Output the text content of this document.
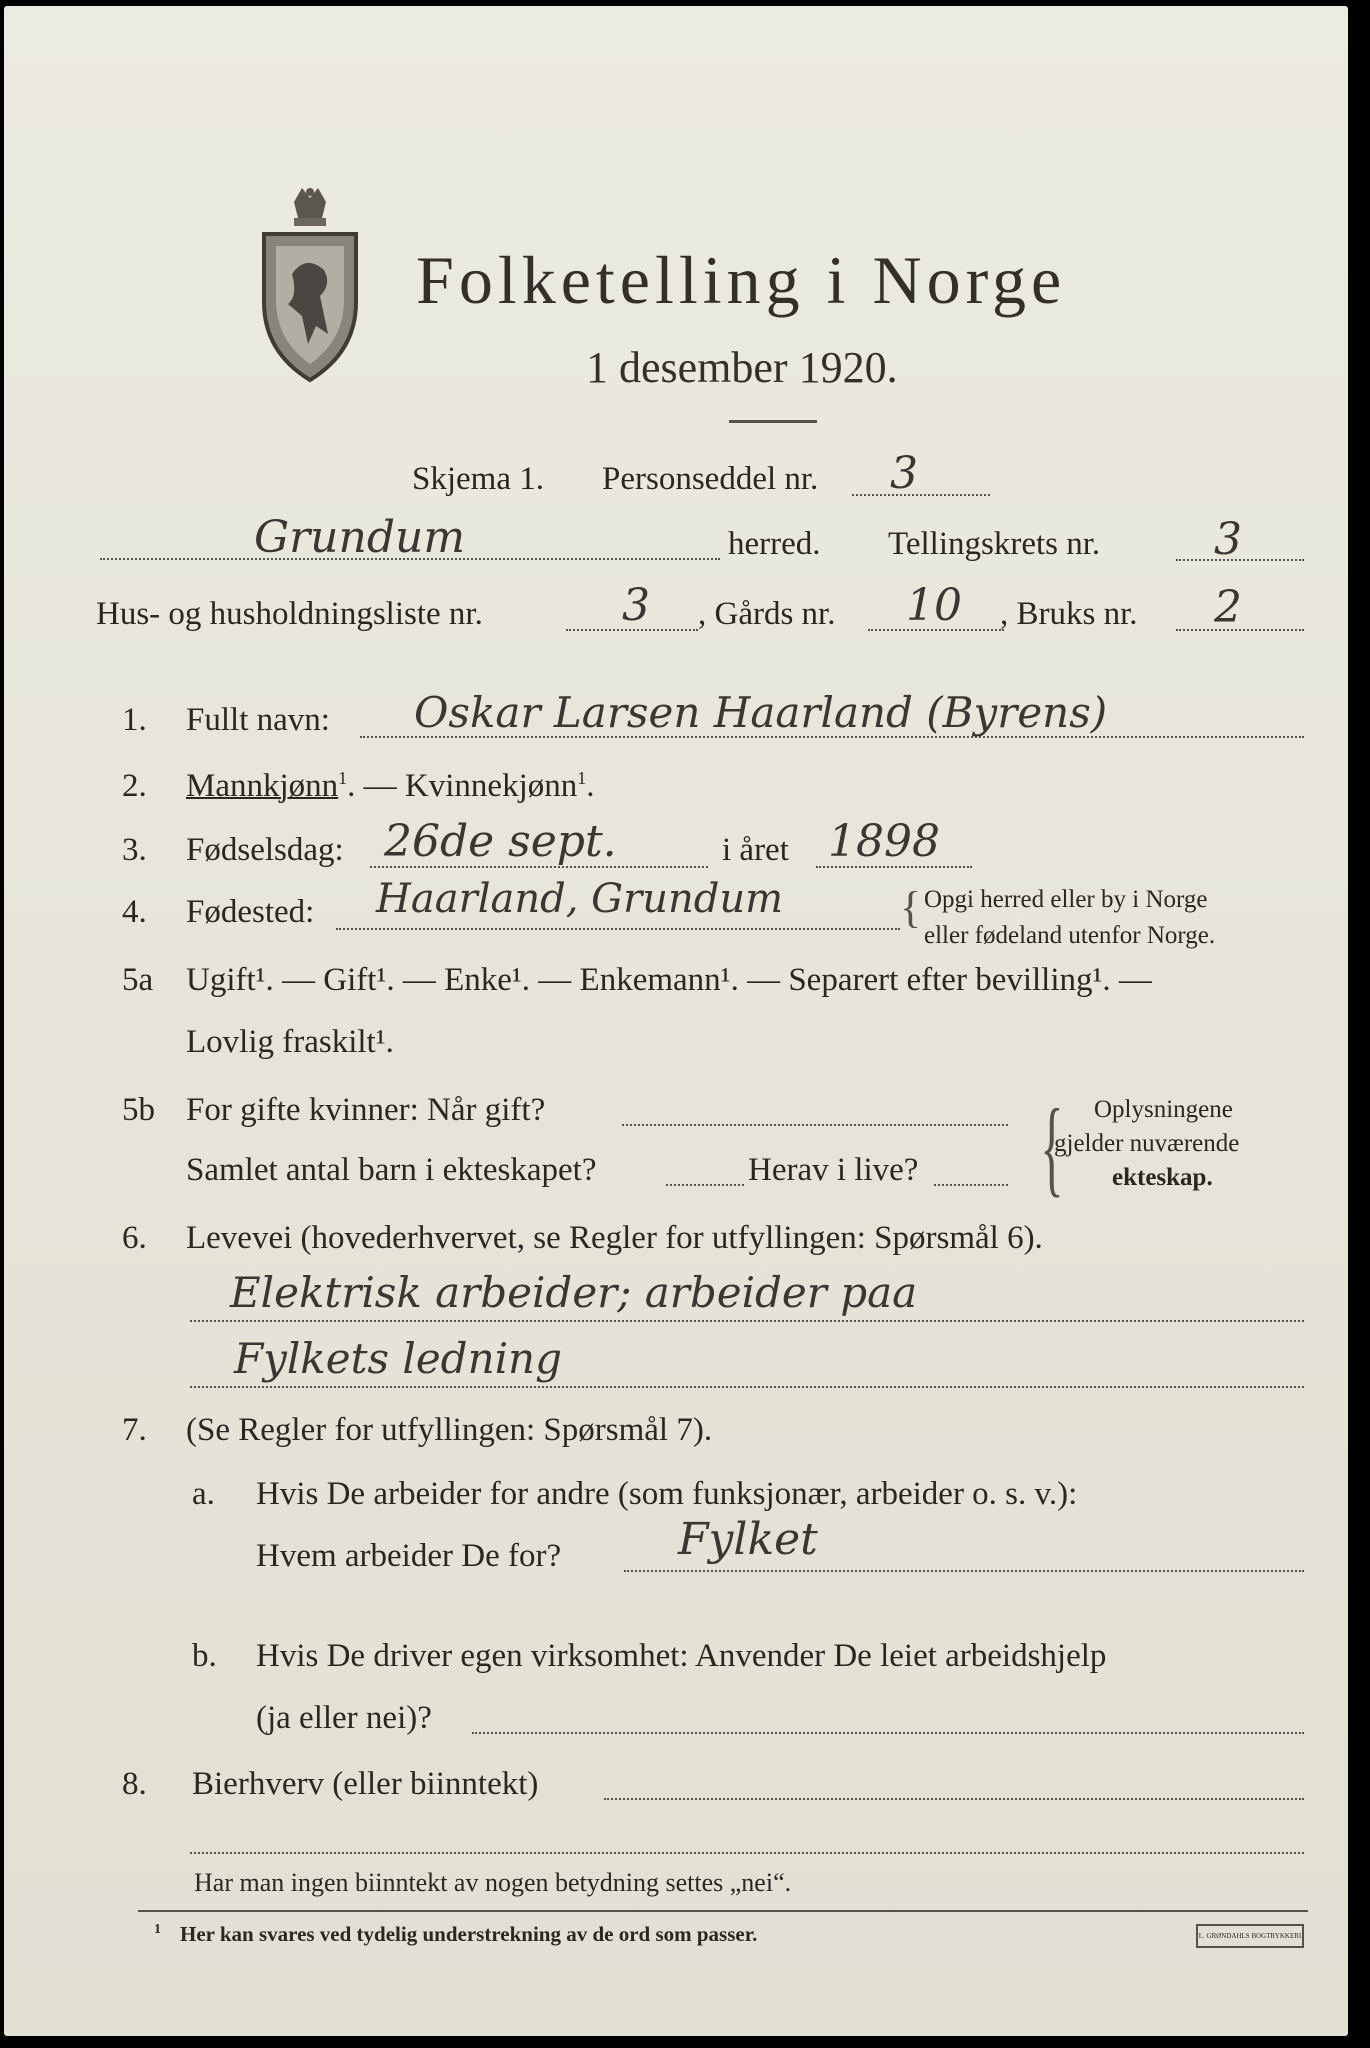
Folketelling i Norge
1 desember 1920.
Skjema 1. Personseddel nr. 3
Grundum	herred. Tellingskrets nr.	3
Hus- og husholdningsliste nr.	3 , Gårds nr. 10 , Bruks nr. 2
1. Fullt navn: Oskar Larsen Haarland (Byrens)
2. Mannkjønn$^1$. — Kvinnekjønn$^1$.
3. Fødselsdag: 26de sept.	i året 1898
4. Fødested: Haarland, Grundum	{ Opgi herred eller by i Norge
eller fødeland utenfor Norge.
5a Ugift¹. — Gift¹. — Enke¹. — Enkemann¹. — Separert efter bevilling¹. —
Lovlig fraskilt¹.
5b For gifte kvinner: Når gift?
Samlet antal barn i ekteskapet?	Herav i live? { Oplysningene
gjelder nuværende
ekteskap.
6. Levevei (hovederhvervet, se Regler for utfyllingen: Spørsmål 6).
Elektrisk arbeider; arbeider paa
Fylkets ledning
7. (Se Regler for utfyllingen: Spørsmål 7).
a. Hvis De arbeider for andre (som funksjonær, arbeider o. s. v.):
Hvem arbeider De for?	Fylket
b. Hvis De driver egen virksomhet: Anvender De leiet arbeidshjelp
(ja eller nei)?
8. Bierhverv (eller biinntekt)
Har man ingen biinntekt av nogen betydning settes „nei“.
1 Her kan svares ved tydelig understrekning av de ord som passer.	L. GRØNDAHLS BOGTRYKKERI
